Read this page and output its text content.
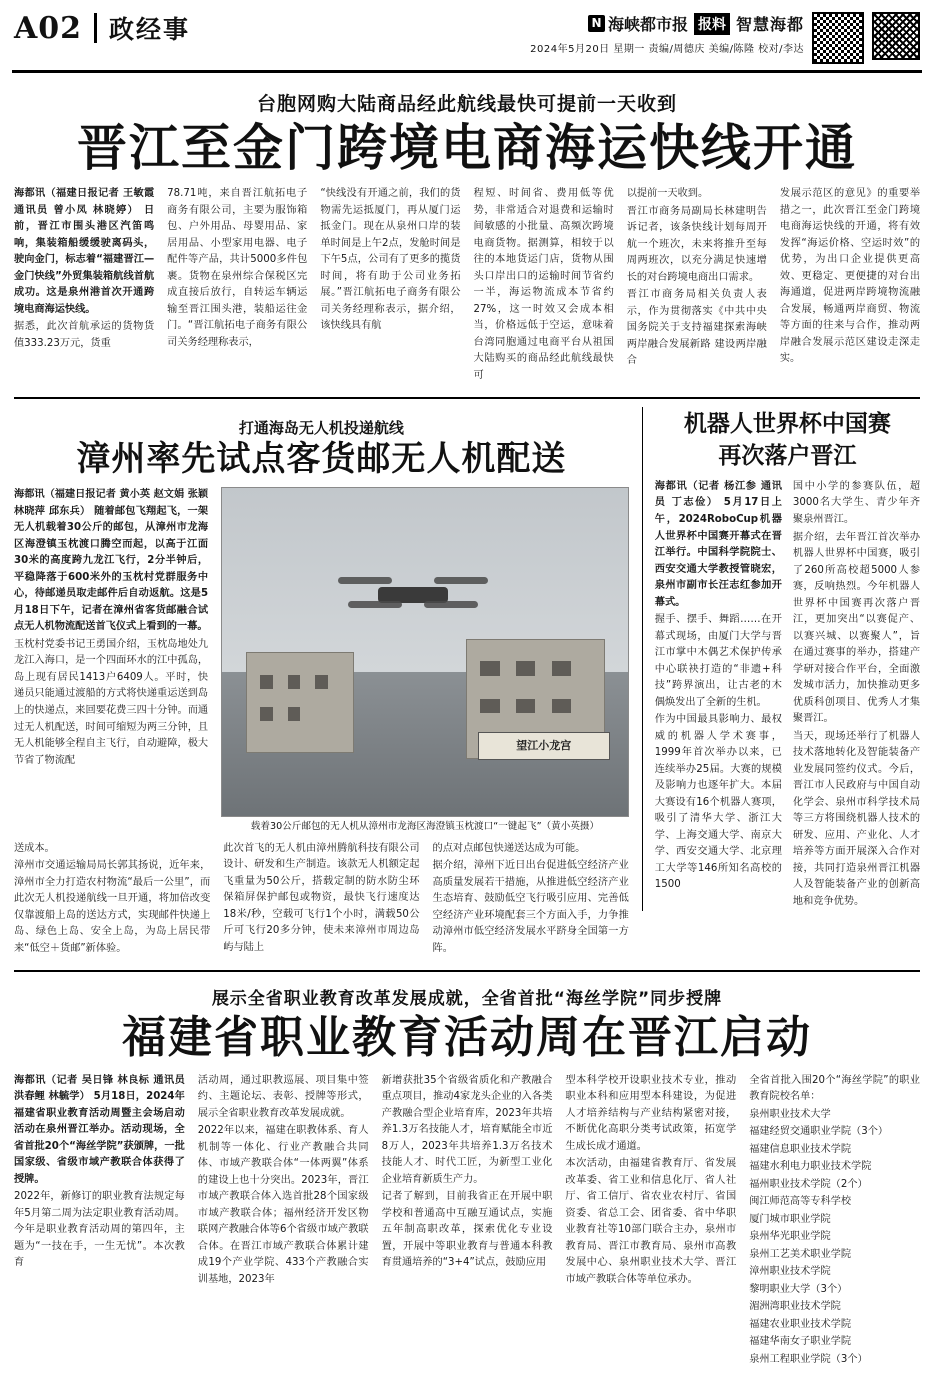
A02 政经事	N 海峡都市报 报料 智慧海都
2024年5月20日 星期一 责编/周德庆 美编/陈隆 校对/李达
台胞网购大陆商品经此航线最快可提前一天收到
晋江至金门跨境电商海运快线开通

海都讯（福建日报记者 王敏霞 通讯员 曾小凤 林晓婷） 日前，晋江市围头港区汽笛鸣响，集装箱船缓缓驶离码头，驶向金门，标志着“福建晋江—金门快线”外贸集装箱航线首航成功。这是泉州港首次开通跨境电商海运快线。

据悉，此次首航承运的货物货值333.23万元，货重

78.71吨，来自晋江航拓电子商务有限公司，主要为服饰箱包、户外用品、母婴用品、家居用品、小型家用电器、电子配件等产品，共计5000多件包裹。货物在泉州综合保税区完成直接后放行，自转运车辆运输至晋江围头港，装船运往金门。“晋江航拓电子商务有限公司关务经理称表示，

“快线没有开通之前，我们的货物需先运抵厦门，再从厦门运抵金门。现在从泉州口岸的装单时间是上午2点，发舱时间是下午5点，公司有了更多的揽货时间，将有助于公司业务拓展。”晋江航拓电子商务有限公司关务经理称表示，据介绍，该快线具有航

程短、时间省、费用低等优势，非常适合对退费和运输时间敏感的小批量、高频次跨境电商货物。据测算，相较于以往的本地货运门店，货物从围头口岸出口的运输时间节省约一半，海运物流成本节省约27%，这一时效又会成本相当，价格远低于空运，意味着台湾同胞通过电商平台从祖国大陆购买的商品经此航线最快可

以提前一天收到。

晋江市商务局副局长林建明告诉记者，该条快线计划每周开航一个班次，未来将推升至每周两班次，以充分满足快速增长的对台跨境电商出口需求。

晋江市商务局相关负责人表示，作为贯彻落实《中共中央 国务院关于支持福建探索海峡两岸融合发展新路 建设两岸融合

发展示范区的意见》的重要举措之一，此次晋江至金门跨境电商海运快线的开通，将有效发挥“海运价格、空运时效”的优势，为出口企业提供更高效、更稳定、更便捷的对台出海通道，促进两岸跨境物流融合发展，畅通两岸商贸、物流等方面的往来与合作，推动两岸融合发展示范区建设走深走实。

打通海岛无人机投递航线
漳州率先试点客货邮无人机配送

海都讯（福建日报记者 黄小英 赵文娟 张颖 林晓萍 邱东兵） 随着邮包飞翔起飞，一架无人机载着30公斤的邮包，从漳州市龙海区海澄镇玉枕渡口腾空而起，以高于江面30米的高度跨九龙江飞行，2分半钟后，平稳降落于600米外的玉枕村党群服务中心，待邮递员取走邮件后自动返航。这是5月18日下午，记者在漳州省客货邮融合试点无人机物流配送首飞仪式上看到的一幕。

玉枕村党委书记王勇国介绍，玉枕岛地处九龙江入海口，是一个四面环水的江中孤岛，岛上现有居民1413户6409人。平时，快递员只能通过渡船的方式将快递重运送到岛上的快递点，来回要花费三四十分钟。而通过无人机配送，时间可缩短为两三分钟，且无人机能够全程自主飞行，自动避障，极大节省了物流配

望江小龙宫
载着30公斤邮包的无人机从漳州市龙海区海澄镇玉枕渡口“一键起飞”（黄小英摄）

送成本。

漳州市交通运输局局长郭其扬说，近年来，漳州市全力打造农村物流“最后一公里”，而此次无人机投递航线一旦开通，将加倍改变仅靠渡船上岛的送达方式，实现邮件快递上岛、绿色上岛、安全上岛，为岛上居民带来“低空＋货邮”新体验。

此次首飞的无人机由漳州腾航科技有限公司设计、研发和生产制造。该款无人机额定起飞重量为50公斤，搭载定制的防水防尘环保箱屏保护邮包或物资，最快飞行速度达18米/秒，空载可飞行1个小时，满载50公斤可飞行20多分钟，使未来漳州市周边岛屿与陆上

的点对点邮包快递送达成为可能。

据介绍，漳州下近日出台促进低空经济产业高质量发展若干措施，从推进低空经济产业生态培育、鼓励低空飞行吸引应用、完善低空经济产业环境配套三个方面入手，力争推动漳州市低空经济发展水平跻身全国第一方阵。

机器人世界杯中国赛
再次落户晋江

海都讯（记者 杨江参 通讯员 丁志俭） 5月17日上午，2024RoboCup机器人世界杯中国赛开幕式在晋江举行。中国科学院院士、西安交通大学教授管晓宏，泉州市副市长汪志红参加开幕式。

握手、摆手、舞蹈……在开幕式现场，由厦门大学与晋江市掌中木偶艺术保护传承中心联袂打造的“非遗+科技”跨界演出，让古老的木偶焕发出了全新的生机。

作为中国最具影响力、最权威的机器人学术赛事，1999年首次举办以来，已连续举办25届。大赛的规模及影响力也逐年扩大。本届大赛设有16个机器人赛项，吸引了清华大学、浙江大学、上海交通大学、南京大学、西安交通大学、北京理工大学等146所知名高校的1500

国中小学的参赛队伍，超3000名大学生、青少年齐聚泉州晋江。

据介绍，去年晋江首次举办机器人世界杯中国赛，吸引了260所高校超5000人参赛，反响热烈。今年机器人世界杯中国赛再次落户晋江，更加突出“以赛促产、以赛兴城、以赛聚人”，旨在通过赛事的举办，搭建产学研对接合作平台，全面激发城市活力，加快推动更多优质科创项目、优秀人才集聚晋江。

当天，现场还举行了机器人技术落地转化及智能装备产业发展同签约仪式。今后，晋江市人民政府与中国自动化学会、泉州市科学技术局等三方将围绕机器人技术的研发、应用、产业化、人才培养等方面开展深入合作对接，共同打造泉州晋江机器人及智能装备产业的创新高地和竞争优势。

展示全省职业教育改革发展成就，全省首批“海丝学院”同步授牌
福建省职业教育活动周在晋江启动

海都讯（记者 吴日锋 林良标 通讯员 洪春鲤 林毓学） 5月18日，2024年福建省职业教育活动周暨主会场启动活动在泉州晋江举办。活动现场，全省首批20个“海丝学院”获颁牌，一批国家级、省级市域产教联合体获得了授牌。

2022年，新修订的职业教育法规定每年5月第二周为法定职业教育活动周。今年是职业教育活动周的第四年，主题为“一技在手，一生无忧”。本次教育

活动周，通过职教巡展、项目集中签约、主题论坛、表彰、授牌等形式，展示全省职业教育改革发展成就。

2022年以来，福建在职教体系、育人机制等一体化、行业产教融合共同体、市域产教联合体“一体两翼”体系的建设上也十分突出。2023年，晋江市域产教联合体入选首批28个国家级市域产教联合体；福州经济开发区物联网产教融合体等6个省级市域产教联合体。在晋江市域产教联合体累计建成19个产业学院、433个产教融合实训基地，2023年

新增获批35个省级省质化和产教融合重点项目，推动4家龙头企业的入各类产教融合型企业培育库，2023年共培养1.3万名技能人才，培育赋能全市近8万人，2023年共培养1.3万名技术技能人才、时代工匠，为新型工业化企业培育新质生产力。

记者了解到，目前我省正在开展中职学校和普通高中互融互通试点，实施五年制高职改革，探索优化专业设置，开展中等职业教育与普通本科教育贯通培养的“3+4”试点，鼓励应用

型本科学校开设职业技术专业，推动职业本科和应用型本科建设，为促进人才培养结构与产业结构紧密对接，不断优化高职分类考试政策，拓宽学生成长成才通道。

本次活动，由福建省教育厅、省发展改革委、省工业和信息化厅、省人社厅、省工信厅、省农业农村厅、省国资委、省总工会、团省委、省中华职业教育社等10部门联合主办，泉州市教育局、晋江市教育局、泉州市高教发展中心、泉州职业技术大学、晋江市域产教联合体等单位承办。

全省首批入围20个“海丝学院”的职业教育院校名单：

泉州职业技术大学

福建经贸交通职业学院（3个）

福建信息职业技术学院

福建水利电力职业技术学院

福州职业技术学院（2个）

闽江师范高等专科学校

厦门城市职业学院

泉州华光职业学院

泉州工艺美术职业学院

漳州职业技术学院

黎明职业大学（3个）

湄洲湾职业技术学院

福建农业职业技术学院

福建华南女子职业学院

泉州工程职业学院（3个）
